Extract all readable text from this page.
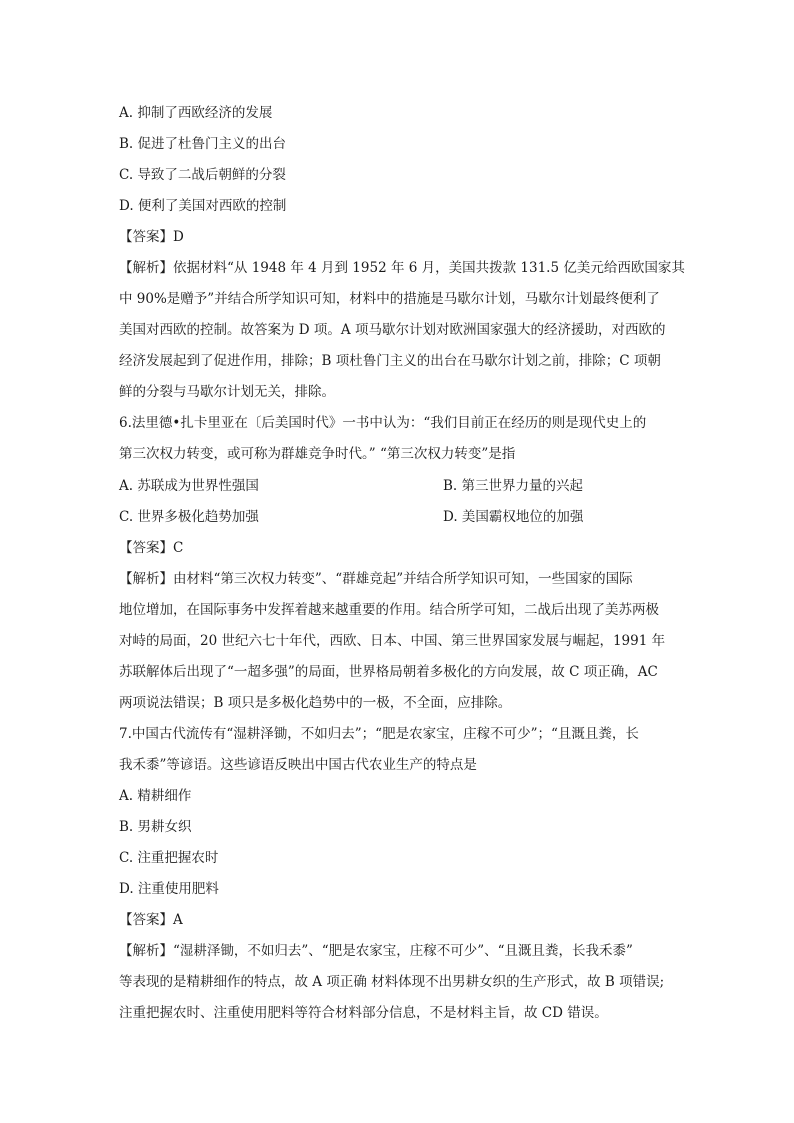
A. 抑制了西欧经济的发展
B. 促进了杜鲁门主义的出台
C. 导致了二战后朝鲜的分裂
D. 便利了美国对西欧的控制
【答案】D
【解析】依据材料“从 1948 年 4 月到 1952 年 6 月，美国共拨款 131.5 亿美元给西欧国家其
中 90%是赠予”并结合所学知识可知，材料中的措施是马歇尔计划，马歇尔计划最终便利了
美国对西欧的控制。故答案为 D 项。A 项马歇尔计划对欧洲国家强大的经济援助，对西欧的
经济发展起到了促进作用，排除；B 项杜鲁门主义的出台在马歇尔计划之前，排除；C 项朝
鲜的分裂与马歇尔计划无关，排除。
6.法里德•扎卡里亚在〔后美国时代》一书中认为：“我们目前正在经历的则是现代史上的
第三次权力转变，或可称为群雄竞争时代。” “第三次权力转变”是指
A. 苏联成为世界性强国	B. 第三世界力量的兴起
C. 世界多极化趋势加强	D. 美国霸权地位的加强
【答案】C
【解析】由材料“第三次权力转变”、“群雄竞起”并结合所学知识可知，一些国家的国际
地位增加，在国际事务中发挥着越来越重要的作用。结合所学可知，二战后出现了美苏两极
对峙的局面，20 世纪六七十年代，西欧、日本、中国、第三世界国家发展与崛起，1991 年
苏联解体后出现了“一超多强”的局面，世界格局朝着多极化的方向发展，故 C 项正确，AC
两项说法错误；B 项只是多极化趋势中的一极，不全面，应排除。
7.中国古代流传有“湿耕泽锄，不如归去”；“肥是农家宝，庄稼不可少”；“且溉且粪，长
我禾黍”等谚语。这些谚语反映出中国古代农业生产的特点是
A. 精耕细作
B. 男耕女织
C. 注重把握农时
D. 注重使用肥料
【答案】A
【解析】“湿耕泽锄，不如归去”、“肥是农家宝，庄稼不可少”、“且溉且粪，长我禾黍”
等表现的是精耕细作的特点，故 A 项正确 材料体现不出男耕女织的生产形式，故 B 项错误;
注重把握农时、注重使用肥料等符合材料部分信息，不是材料主旨，故 CD 错误。
